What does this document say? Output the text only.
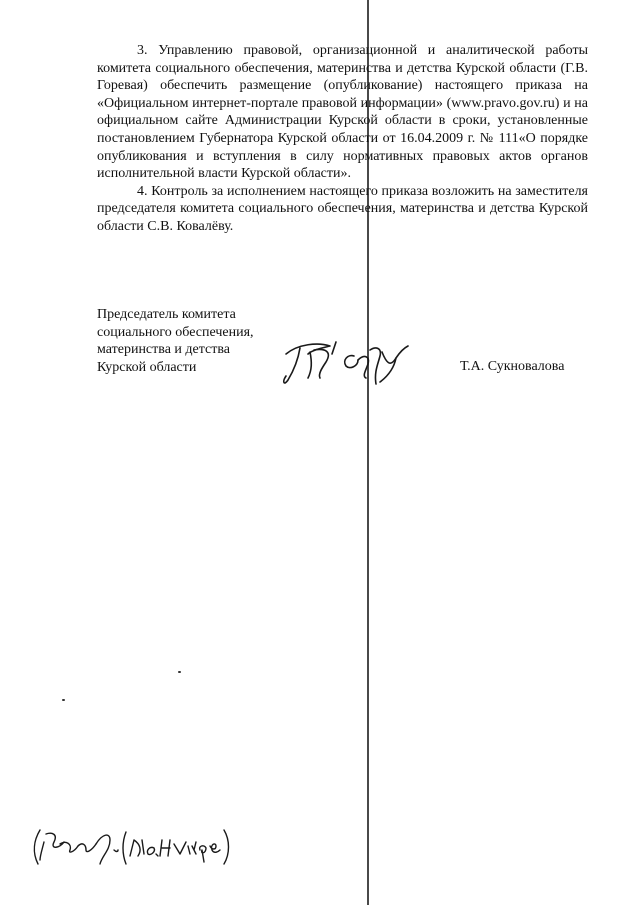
3. Управлению правовой, организационной и аналитической работы комитета социального обеспечения, материнства и детства Курской области (Г.В. Горевая) обеспечить размещение (опубликование) настоящего приказа на «Официальном интернет-портале правовой информации» (www.pravo.gov.ru) и на официальном сайте Администрации Курской области в сроки, установленные постановлением Губернатора Курской области от 16.04.2009 г. № 111«О порядке опубликования и вступления в силу нормативных правовых актов органов исполнительной власти Курской области».

4. Контроль за исполнением настоящего приказа возложить на заместителя председателя комитета социального обеспечения, материнства и детства Курской области С.В. Ковалёву.

Председатель комитета
социального обеспечения,
материнства и детства
Курской области	Т.А. Сукновалова
